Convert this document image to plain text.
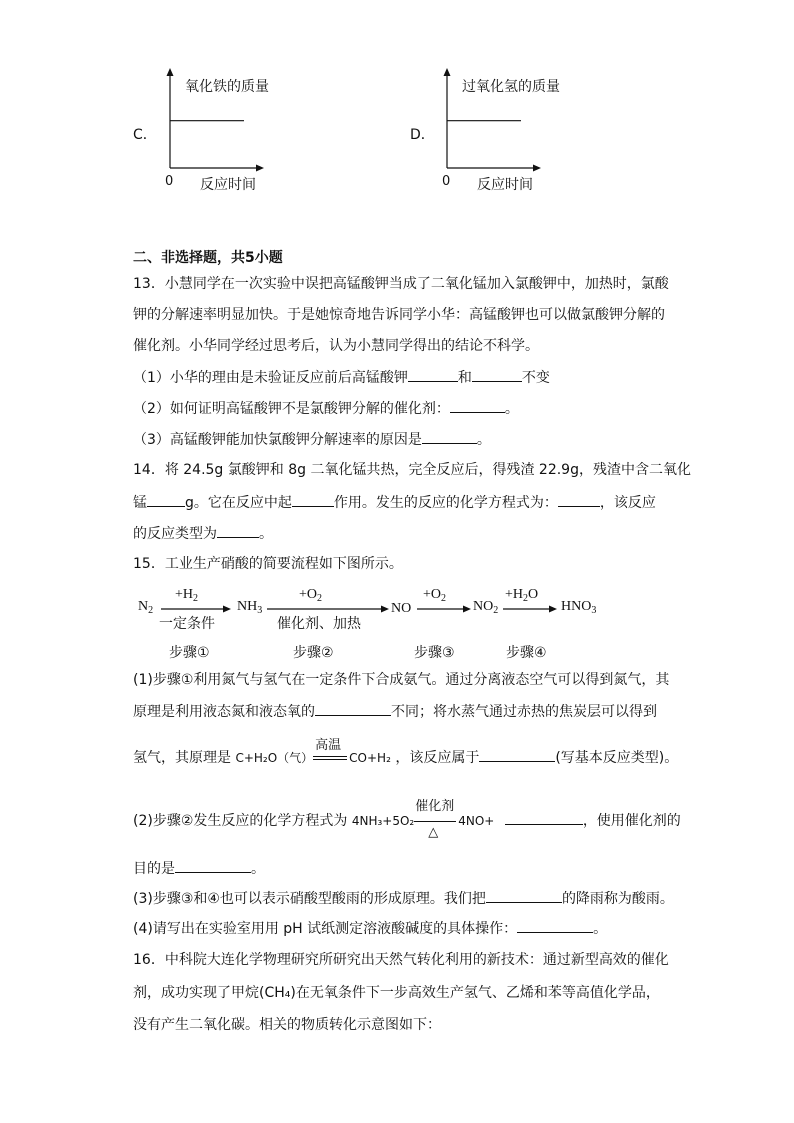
C．
氧化铁的质量
0 反应时间
D．
过氧化氢的质量
0 反应时间
二、非选择题，共5小题
13．小慧同学在一次实验中误把高锰酸钾当成了二氧化锰加入氯酸钾中，加热时，氯酸
钾的分解速率明显加快。于是她惊奇地告诉同学小华：高锰酸钾也可以做氯酸钾分解的
催化剂。小华同学经过思考后，认为小慧同学得出的结论不科学。
（1）小华的理由是未验证反应前后高锰酸钾	和	不变
（2）如何证明高锰酸钾不是氯酸钾分解的催化剂：	。
（3）高锰酸钾能加快氯酸钾分解速率的原因是	。
14．将 24.5g 氯酸钾和 8g 二氧化锰共热，完全反应后，得残渣 22.9g，残渣中含二氧化
锰	g。它在反应中起	作用。发生的反应的化学方程式为：	，该反应
的反应类型为	。
15．工业生产硝酸的简要流程如下图所示。
$N_2$
$+H_2$
一定条件
$NH_3$
$+O_2$
催化剂、加热
NO
$+O_2$
$NO_2$
$+H_2O$
$HNO_3$
步骤①	步骤②	步骤③	步骤④
(1)步骤①利用氮气与氢气在一定条件下合成氨气。通过分离液态空气可以得到氮气，其
原理是利用液态氮和液态氧的	不同；将水蒸气通过赤热的焦炭层可以得到
氢气，其原理是 C+H₂O（气）
高温
CO+H₂ ，该反应属于	(写基本反应类型)。
(2)步骤②发生反应的化学方程式为 4NH₃+5O₂
催化剂
△
4NO+	，使用催化剂的
目的是	。
(3)步骤③和④也可以表示硝酸型酸雨的形成原理。我们把	的降雨称为酸雨。
(4)请写出在实验室用用 pH 试纸测定溶液酸碱度的具体操作：	。
16．中科院大连化学物理研究所研究出天然气转化利用的新技术：通过新型高效的催化
剂，成功实现了甲烷(CH₄)在无氧条件下一步高效生产氢气、乙烯和苯等高值化学品，
没有产生二氧化碳。相关的物质转化示意图如下：
